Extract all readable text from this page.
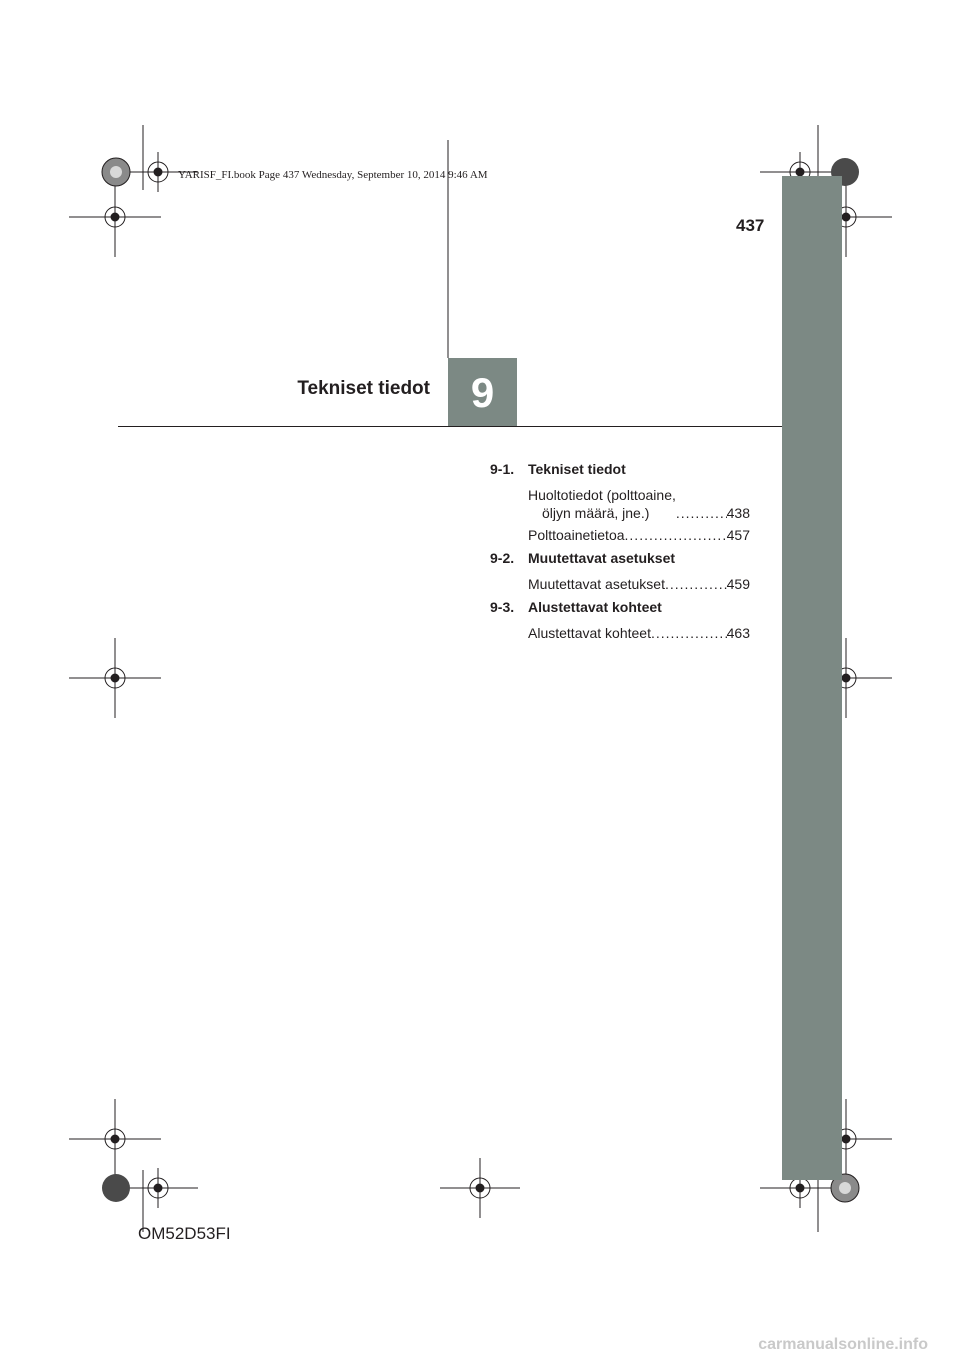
YARISF_FI.book Page 437 Wednesday, September 10, 2014 9:46 AM
437
Tekniset tiedot 9
9-1. Tekniset tiedot
Huoltotiedot (polttoaine,
öljyn määrä, jne.) .....	438
Polttoainetietoa .....	457
9-2. Muutettavat asetukset
Muutettavat asetukset .....	459
9-3. Alustettavat kohteet
Alustettavat kohteet .....	463
OM52D53FI
carmanualsonline.info
